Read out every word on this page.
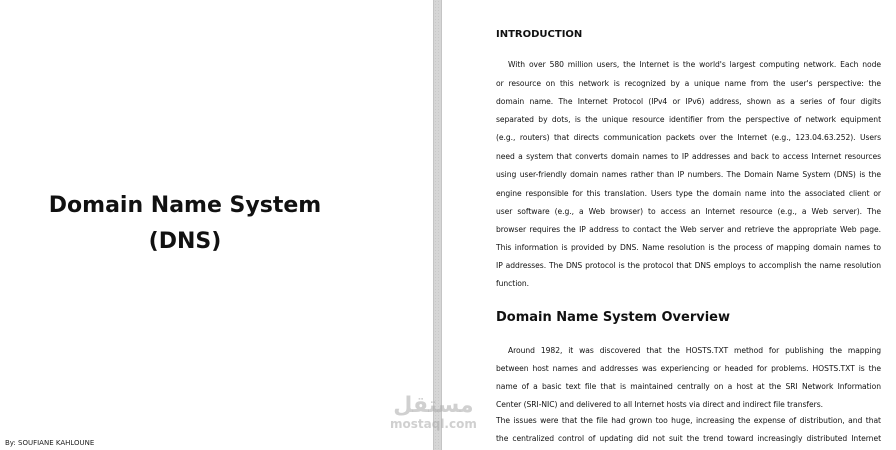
Domain Name System
(DNS)
By: SOUFIANE KAHLOUNE
INTRODUCTION
With over 580 million users, the Internet is the world's largest computing network. Each node
or resource on this network is recognized by a unique name from the user's perspective: the
domain name. The Internet Protocol (IPv4 or IPv6) address, shown as a series of four digits
separated by dots, is the unique resource identifier from the perspective of network equipment
(e.g., routers) that directs communication packets over the Internet (e.g., 123.04.63.252). Users
need a system that converts domain names to IP addresses and back to access Internet resources
using user-friendly domain names rather than IP numbers. The Domain Name System (DNS) is the
engine responsible for this translation. Users type the domain name into the associated client or
user software (e.g., a Web browser) to access an Internet resource (e.g., a Web server). The
browser requires the IP address to contact the Web server and retrieve the appropriate Web page.
This information is provided by DNS. Name resolution is the process of mapping domain names to
IP addresses. The DNS protocol is the protocol that DNS employs to accomplish the name resolution
function.
Domain Name System Overview
Around 1982, it was discovered that the HOSTS.TXT method for publishing the mapping
between host names and addresses was experiencing or headed for problems. HOSTS.TXT is the
name of a basic text file that is maintained centrally on a host at the SRI Network Information
Center (SRI-NIC) and delivered to all Internet hosts via direct and indirect file transfers.
The issues were that the file had grown too huge, increasing the expense of distribution, and that
the centralized control of updating did not suit the trend toward increasingly distributed Internet
مستقل
mostaql.com
